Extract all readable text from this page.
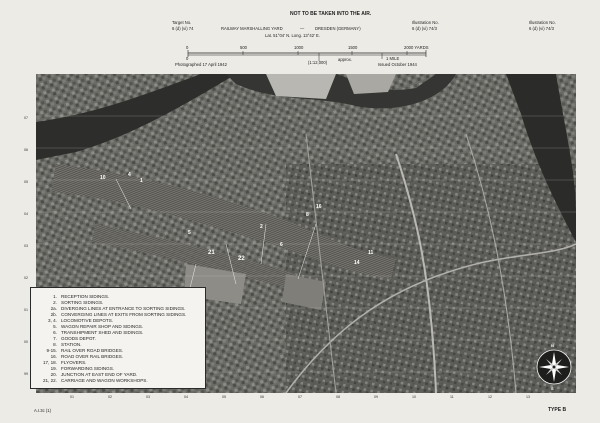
NOT TO BE TAKEN INTO THE AIR.
Target No.
6 (d) (vi) 74	RAILWAY MARSHALLING YARD	—	DRESDEN (GERMANY)
Illustration No.
6 (d) (vi) 74/3
Illustration No.
6 (d) (vi) 74/3
Lat. 51°04' N. Long. 13°42' E.
0	500	1000	1500	2000 YARDS
0	1 MILE
(1:12,000)
approx.
Photographed 17 April 1942	Issued October 1944
07
06
05
04
03
02
01
00
99
10	4
1
5
21
22
2
8
16
14
11
6
N
S
1. RECEPTION SIDINGS.
2. SORTING SIDINGS.
2a. DIVERGING LINES AT ENTRANCE TO SORTING SIDINGS.
2b. CONVERGING LINES AT EXITS FROM SORTING SIDINGS.
3, 4. LOCOMOTIVE DEPOTS.
5. WAGON REPAIR SHOP AND SIDINGS.
6. TRANSHIPMENT SHED AND SIDINGS.
7. GOODS DEPOT.
8. STATION.
9-15. RAIL OVER ROAD BRIDGES.
16. ROAD OVER RAIL BRIDGES.
17, 18. FLYOVERS.
19. FORWARDING SIDINGS.
20. JUNCTION AT EAST END OF YARD.
21, 22. CARRIAGE AND WAGON WORKSHOPS.
01	02	03	04	05	06	07	08	09	10	11	12	13
A.I.3c (1)	TYPE B
